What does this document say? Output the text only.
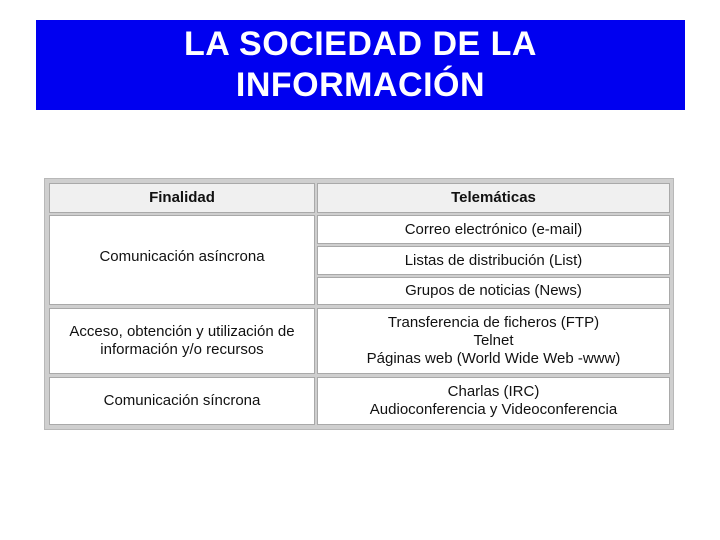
LA SOCIEDAD DE LA
INFORMACIÓN
Finalidad	Telemáticas
Comunicación asíncrona
Correo electrónico (e-mail)
Listas de distribución (List)
Grupos de noticias (News)
Acceso, obtención y utilización de
información y/o recursos
Transferencia de ficheros (FTP)
Telnet
Páginas web (World Wide Web -www)
Comunicación síncrona
Charlas (IRC)
Audioconferencia y Videoconferencia
